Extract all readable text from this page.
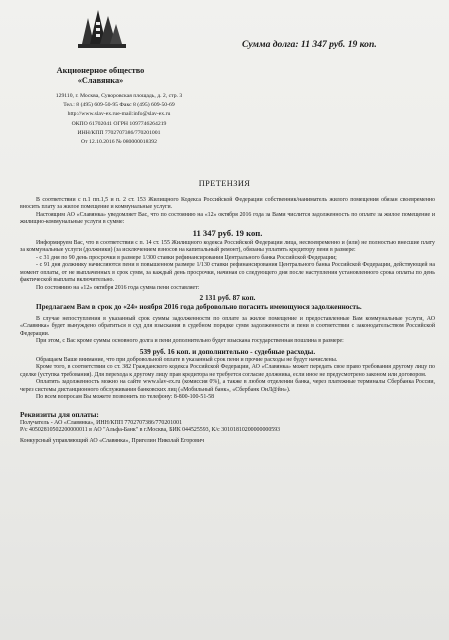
Акционерное общество
«Славянка»
129110, г. Москва, Суворовская площадь, д. 2, стр. 3
Тел.: 8 (495) 609-50-95 Факс 8 (495) 609-50-69
http://www.slav-ex.rue-mail:info@slav-ex.ru
ОКПО 61702041 ОГРН 1097746264219
ИНН/КПП 7702707386/770201001
От 12.10.2016 № 080000018392
Сумма долга: 11 347 руб. 19 коп.
ПРЕТЕНЗИЯ

В соответствии с п.1 пп.1,5 и п. 2 ст. 153 Жилищного Кодекса Российской Федерации собственник/наниматель жилого помещения обязан своевременно вносить плату за жилое помещение и коммунальные услуги.

Настоящим АО «Славянка» уведомляет Вас, что по состоянию на «12» октября 2016 года за Вами числится задолженность по оплате за жилое помещение и жилищно-коммунальные услуги в сумме:

11 347 руб. 19 коп.

Информируем Вас, что в соответствии с п. 14 ст. 155 Жилищного кодекса Российской Федерации лица, несвоевременно и (или) не полностью внесшие плату за коммунальные услуги (должники) (за исключением взносов на капитальный ремонт), обязаны уплатить кредитору пени в размере:

- с 31 дня по 90 день просрочки в размере 1/300 ставки рефинансирования Центрального банка Российской Федерации;

- с 91 дня должнику начисляются пени в повышенном размере 1/130 ставки рефинансирования Центрального банка Российской Федерации, действующей на момент оплаты, от не выплаченных в срок сумм, за каждый день просрочки, начиная со следующего дня после наступления установленного срока оплаты по день фактической выплаты включительно.

По состоянию на «12» октября 2016 года сумма пени составляет:

2 131 руб. 87 коп.

Предлагаем Вам в срок до «24» ноября 2016 года добровольно погасить имеющуюся задолженность.

В случае непоступления в указанный срок суммы задолженности по оплате за жилое помещение и предоставленные Вам коммунальные услуги, АО «Славянка» будет вынуждено обратиться в суд для взыскания в судебном порядке сумм задолженности и пени в соответствии с законодательством Российской Федерации.

При этом, с Вас кроме суммы основного долга и пени дополнительно будет взыскана государственная пошлина в размере:

539 руб. 16 коп. и дополнительно - судебные расходы.

Обращаем Ваше внимание, что при добровольной оплате в указанный срок пени и прочие расходы не будут начислены.

Кроме того, в соответствии со ст. 382 Гражданского кодекса Российской Федерации, АО «Славянка» может передать свое право требования другому лицу по сделке (уступка требования). Для перехода к другому лицу прав кредитора не требуется согласие должника, если иное не предусмотрено законом или договором.

Оплатить задолженность можно на сайте www.slav-ex.ru (комиссия 0%), а также в любом отделении банка, через платежные терминалы Сбербанка России, через системы дистанционного обслуживания банковских лиц («Мобильный банк», «Сбербанк ОнЛ@йн»).

По всем вопросам Вы можете позвонить по телефону: 8-800-100-51-58

Реквизиты для оплаты:

Получатель - АО «Славянка», ИНН/КПП 7702707386/770201001

Р/с 40502810502200000011 в АО "Альфа-Банк" в г.Москва, БИК 044525593, К/с 30101810200000000593

Конкурсный управляющий АО «Славянка», Пригелин Николай Егорович
